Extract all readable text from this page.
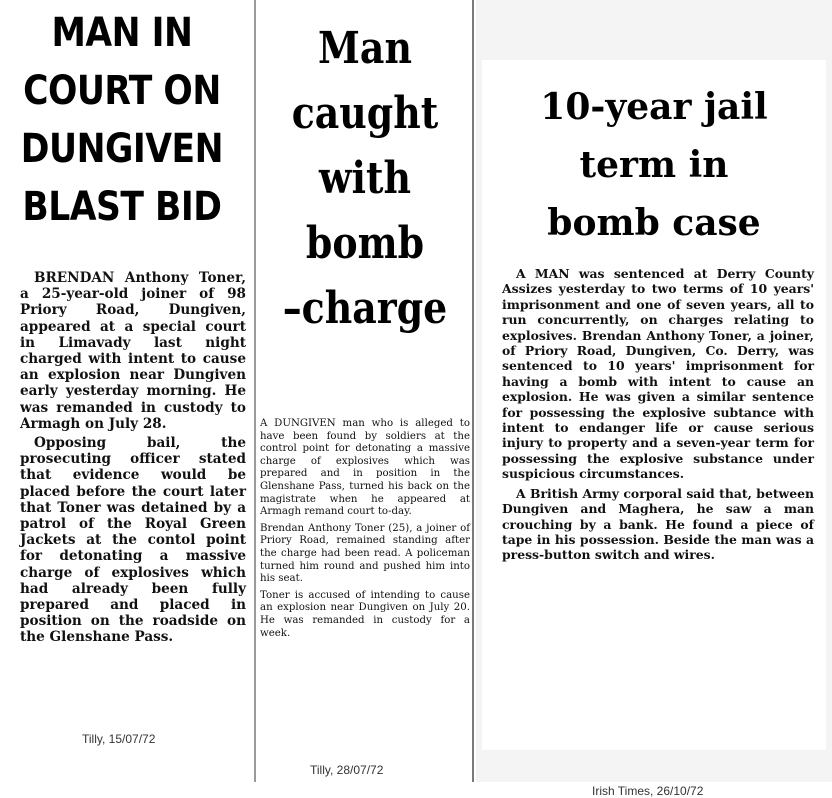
MAN IN
COURT ON
DUNGIVEN
BLAST BID

BRENDAN Anthony Toner, a 25-year-old joiner of 98 Priory Road, Dungiven, appeared at a special court in Limavady last night charged with intent to cause an explosion near Dungiven early yesterday morning. He was remanded in custody to Armagh on July 28.

Opposing bail, the prosecuting officer stated that evidence would be placed before the court later that Toner was detained by a patrol of the Royal Green Jackets at the contol point for detonating a massive charge of explosives which had already been fully prepared and placed in position on the roadside on the Glenshane Pass.

Tilly, 15/07/72
Man
caught
with
bomb
–charge

A DUNGIVEN man who is alleged to have been found by soldiers at the control point for detonating a massive charge of explosives which was prepared and in position in the Glenshane Pass, turned his back on the magistrate when he appeared at Armagh remand court to-day.

Brendan Anthony Toner (25), a joiner of Priory Road, remained standing after the charge had been read. A policeman turned him round and pushed him into his seat.

Toner is accused of intending to cause an explosion near Dungiven on July 20. He was remanded in custody for a week.

Tilly, 28/07/72
10-year jail
term in
bomb case

A MAN was sentenced at Derry County Assizes yesterday to two terms of 10 years' imprisonment and one of seven years, all to run concurrently, on charges relating to explosives. Brendan Anthony Toner, a joiner, of Priory Road, Dungiven, Co. Derry, was sentenced to 10 years' imprisonment for having a bomb with intent to cause an explosion. He was given a similar sentence for possessing the explosive subtance with intent to endanger life or cause serious injury to property and a seven-year term for possessing the explosive substance under suspicious circumstances.

A British Army corporal said that, between Dungiven and Maghera, he saw a man crouching by a bank. He found a piece of tape in his possession. Beside the man was a press-button switch and wires.

Irish Times, 26/10/72
